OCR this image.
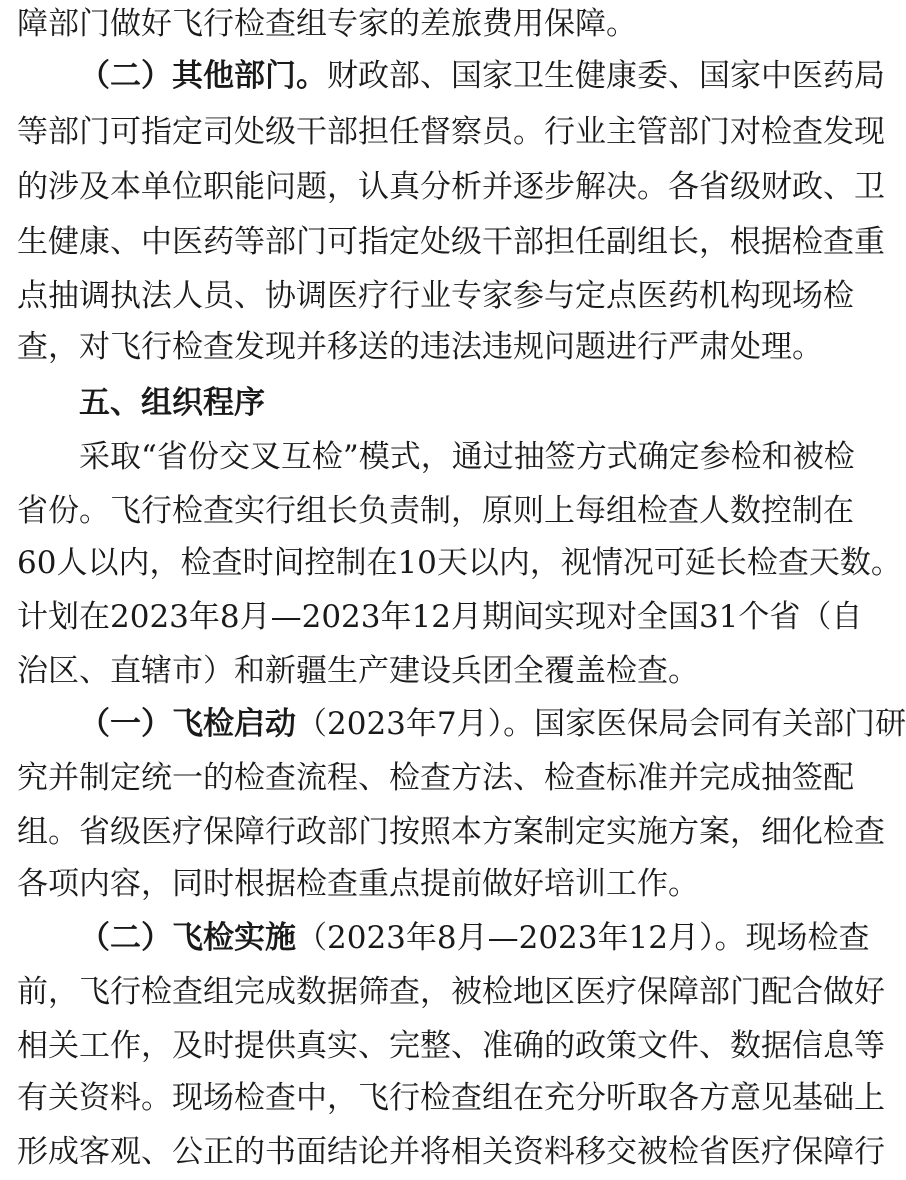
障部门做好飞行检查组专家的差旅费用保障。
（二）其他部门。财政部、国家卫生健康委、国家中医药局
等部门可指定司处级干部担任督察员。行业主管部门对检查发现
的涉及本单位职能问题，认真分析并逐步解决。各省级财政、卫
生健康、中医药等部门可指定处级干部担任副组长，根据检查重
点抽调执法人员、协调医疗行业专家参与定点医药机构现场检
查，对飞行检查发现并移送的违法违规问题进行严肃处理。
五、组织程序
采取“省份交叉互检”模式，通过抽签方式确定参检和被检
省份。飞行检查实行组长负责制，原则上每组检查人数控制在
60人以内，检查时间控制在10天以内，视情况可延长检查天数。
计划在2023年8月—2023年12月期间实现对全国31个省（自
治区、直辖市）和新疆生产建设兵团全覆盖检查。
（一）飞检启动（2023年7月）。国家医保局会同有关部门研
究并制定统一的检查流程、检查方法、检查标准并完成抽签配
组。省级医疗保障行政部门按照本方案制定实施方案，细化检查
各项内容，同时根据检查重点提前做好培训工作。
（二）飞检实施（2023年8月—2023年12月）。现场检查
前，飞行检查组完成数据筛查，被检地区医疗保障部门配合做好
相关工作，及时提供真实、完整、准确的政策文件、数据信息等
有关资料。现场检查中，飞行检查组在充分听取各方意见基础上
形成客观、公正的书面结论并将相关资料移交被检省医疗保障行
